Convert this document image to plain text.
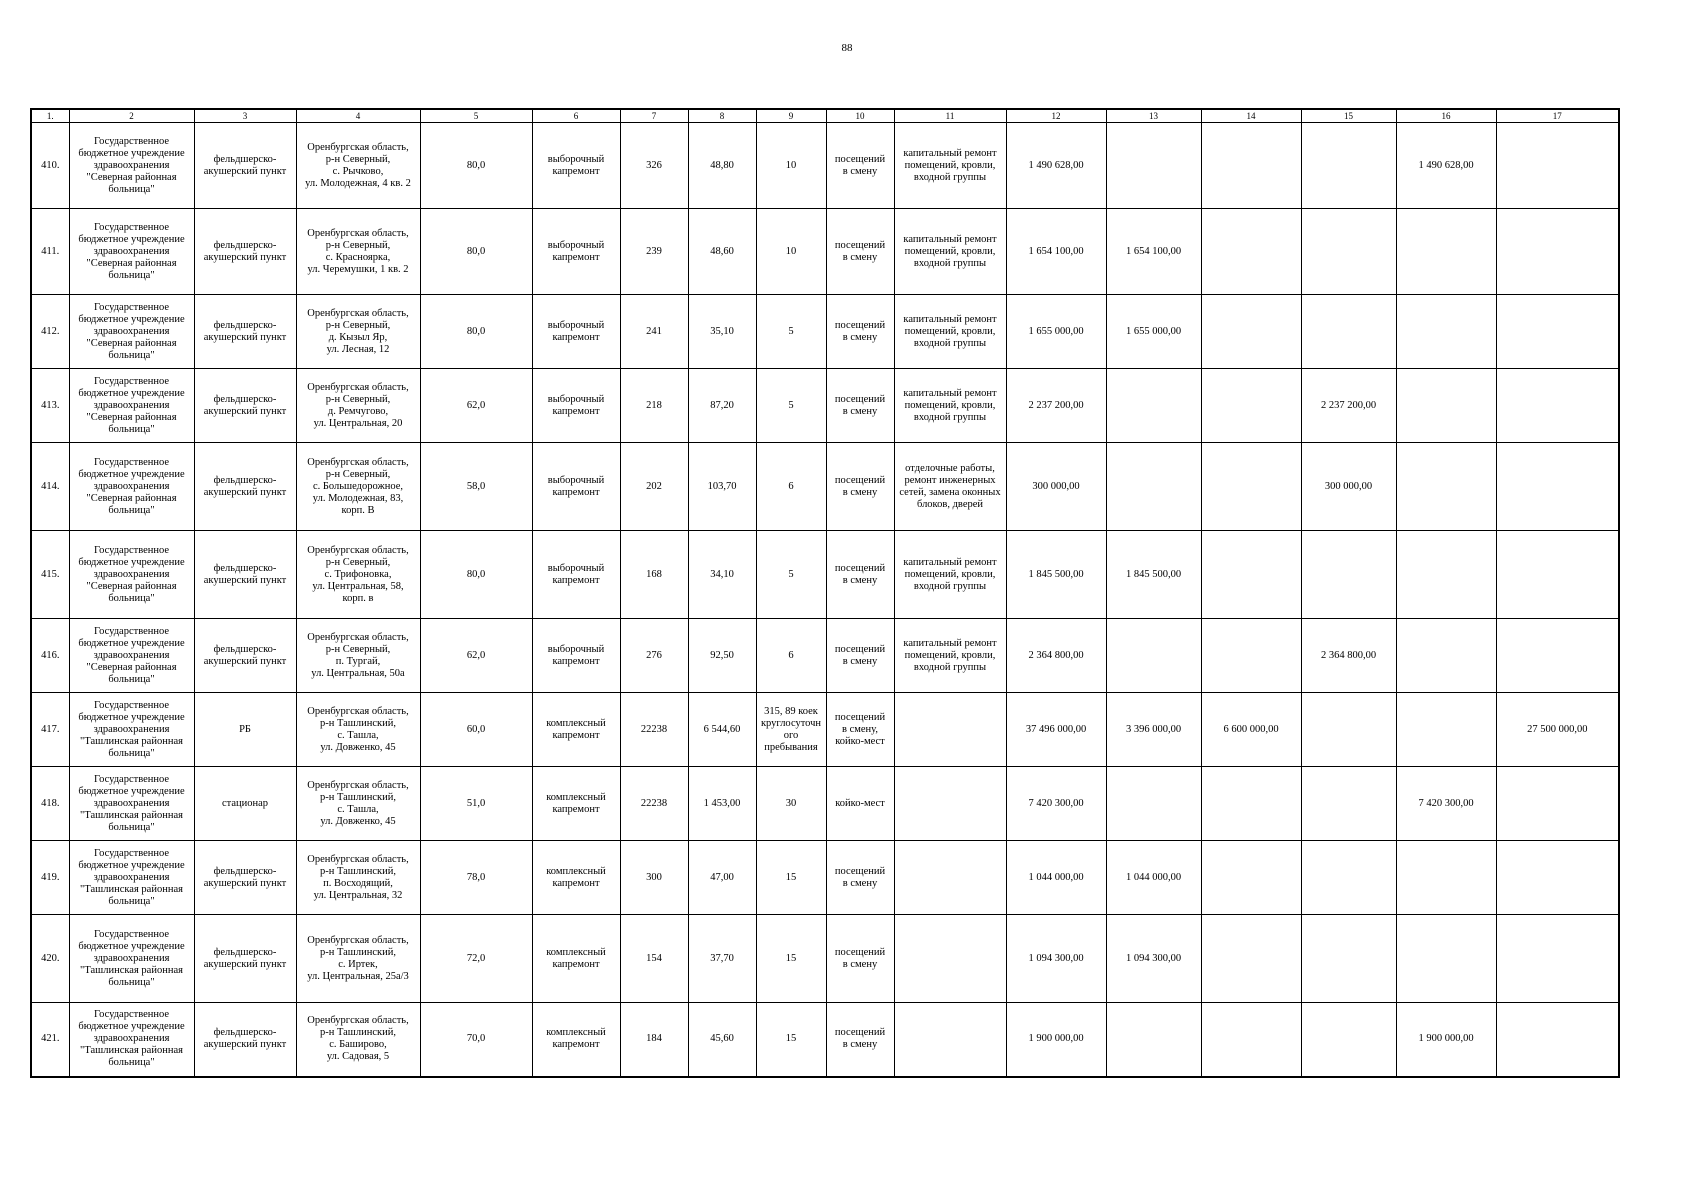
88
1.	2	3	4	5	6	7	8	9	10	11	12	13	14	15	16	17
410.	Государственное
бюджетное учреждение
здравоохранения
"Северная районная
больница"	фельдшерско-
акушерский пункт	Оренбургская область,
р-н Северный,
с. Рычково,
ул. Молодежная, 4 кв. 2	80,0	выборочный
капремонт	326	48,80	10	посещений
в смену	капитальный ремонт
помещений, кровли,
входной группы	1 490 628,00				1 490 628,00	
411.	Государственное
бюджетное учреждение
здравоохранения
"Северная районная
больница"	фельдшерско-
акушерский пункт	Оренбургская область,
р-н Северный,
с. Красноярка,
ул. Черемушки, 1 кв. 2	80,0	выборочный
капремонт	239	48,60	10	посещений
в смену	капитальный ремонт
помещений, кровли,
входной группы	1 654 100,00	1 654 100,00				
412.	Государственное
бюджетное учреждение
здравоохранения
"Северная районная
больница"	фельдшерско-
акушерский пункт	Оренбургская область,
р-н Северный,
д. Кызыл Яр,
ул. Лесная, 12	80,0	выборочный
капремонт	241	35,10	5	посещений
в смену	капитальный ремонт
помещений, кровли,
входной группы	1 655 000,00	1 655 000,00				
413.	Государственное
бюджетное учреждение
здравоохранения
"Северная районная
больница"	фельдшерско-
акушерский пункт	Оренбургская область,
р-н Северный,
д. Ремчугово,
ул. Центральная, 20	62,0	выборочный
капремонт	218	87,20	5	посещений
в смену	капитальный ремонт
помещений, кровли,
входной группы	2 237 200,00			2 237 200,00		
414.	Государственное
бюджетное учреждение
здравоохранения
"Северная районная
больница"	фельдшерско-
акушерский пункт	Оренбургская область,
р-н Северный,
с. Большедорожное,
ул. Молодежная, 83,
корп. В	58,0	выборочный
капремонт	202	103,70	6	посещений
в смену	отделочные работы,
ремонт инженерных
сетей, замена оконных
блоков, дверей	300 000,00			300 000,00		
415.	Государственное
бюджетное учреждение
здравоохранения
"Северная районная
больница"	фельдшерско-
акушерский пункт	Оренбургская область,
р-н Северный,
с. Трифоновка,
ул. Центральная, 58,
корп. в	80,0	выборочный
капремонт	168	34,10	5	посещений
в смену	капитальный ремонт
помещений, кровли,
входной группы	1 845 500,00	1 845 500,00				
416.	Государственное
бюджетное учреждение
здравоохранения
"Северная районная
больница"	фельдшерско-
акушерский пункт	Оренбургская область,
р-н Северный,
п. Тургай,
ул. Центральная, 50а	62,0	выборочный
капремонт	276	92,50	6	посещений
в смену	капитальный ремонт
помещений, кровли,
входной группы	2 364 800,00			2 364 800,00		
417.	Государственное
бюджетное учреждение
здравоохранения
"Ташлинская районная
больница"	РБ	Оренбургская область,
р-н Ташлинский,
с. Ташла,
ул. Довженко, 45	60,0	комплексный
капремонт	22238	6 544,60	315, 89 коек
круглосуточн
ого
пребывания	посещений
в смену,
койко-мест		37 496 000,00	3 396 000,00	6 600 000,00			27 500 000,00
418.	Государственное
бюджетное учреждение
здравоохранения
"Ташлинская районная
больница"	стационар	Оренбургская область,
р-н Ташлинский,
с. Ташла,
ул. Довженко, 45	51,0	комплексный
капремонт	22238	1 453,00	30	койко-мест		7 420 300,00				7 420 300,00	
419.	Государственное
бюджетное учреждение
здравоохранения
"Ташлинская районная
больница"	фельдшерско-
акушерский пункт	Оренбургская область,
р-н Ташлинский,
п. Восходящий,
ул. Центральная, 32	78,0	комплексный
капремонт	300	47,00	15	посещений
в смену		1 044 000,00	1 044 000,00				
420.	Государственное
бюджетное учреждение
здравоохранения
"Ташлинская районная
больница"	фельдшерско-
акушерский пункт	Оренбургская область,
р-н Ташлинский,
с. Иртек,
ул. Центральная, 25а/3	72,0	комплексный
капремонт	154	37,70	15	посещений
в смену		1 094 300,00	1 094 300,00				
421.	Государственное
бюджетное учреждение
здравоохранения
"Ташлинская районная
больница"	фельдшерско-
акушерский пункт	Оренбургская область,
р-н Ташлинский,
с. Баширово,
ул. Садовая, 5	70,0	комплексный
капремонт	184	45,60	15	посещений
в смену		1 900 000,00				1 900 000,00	
